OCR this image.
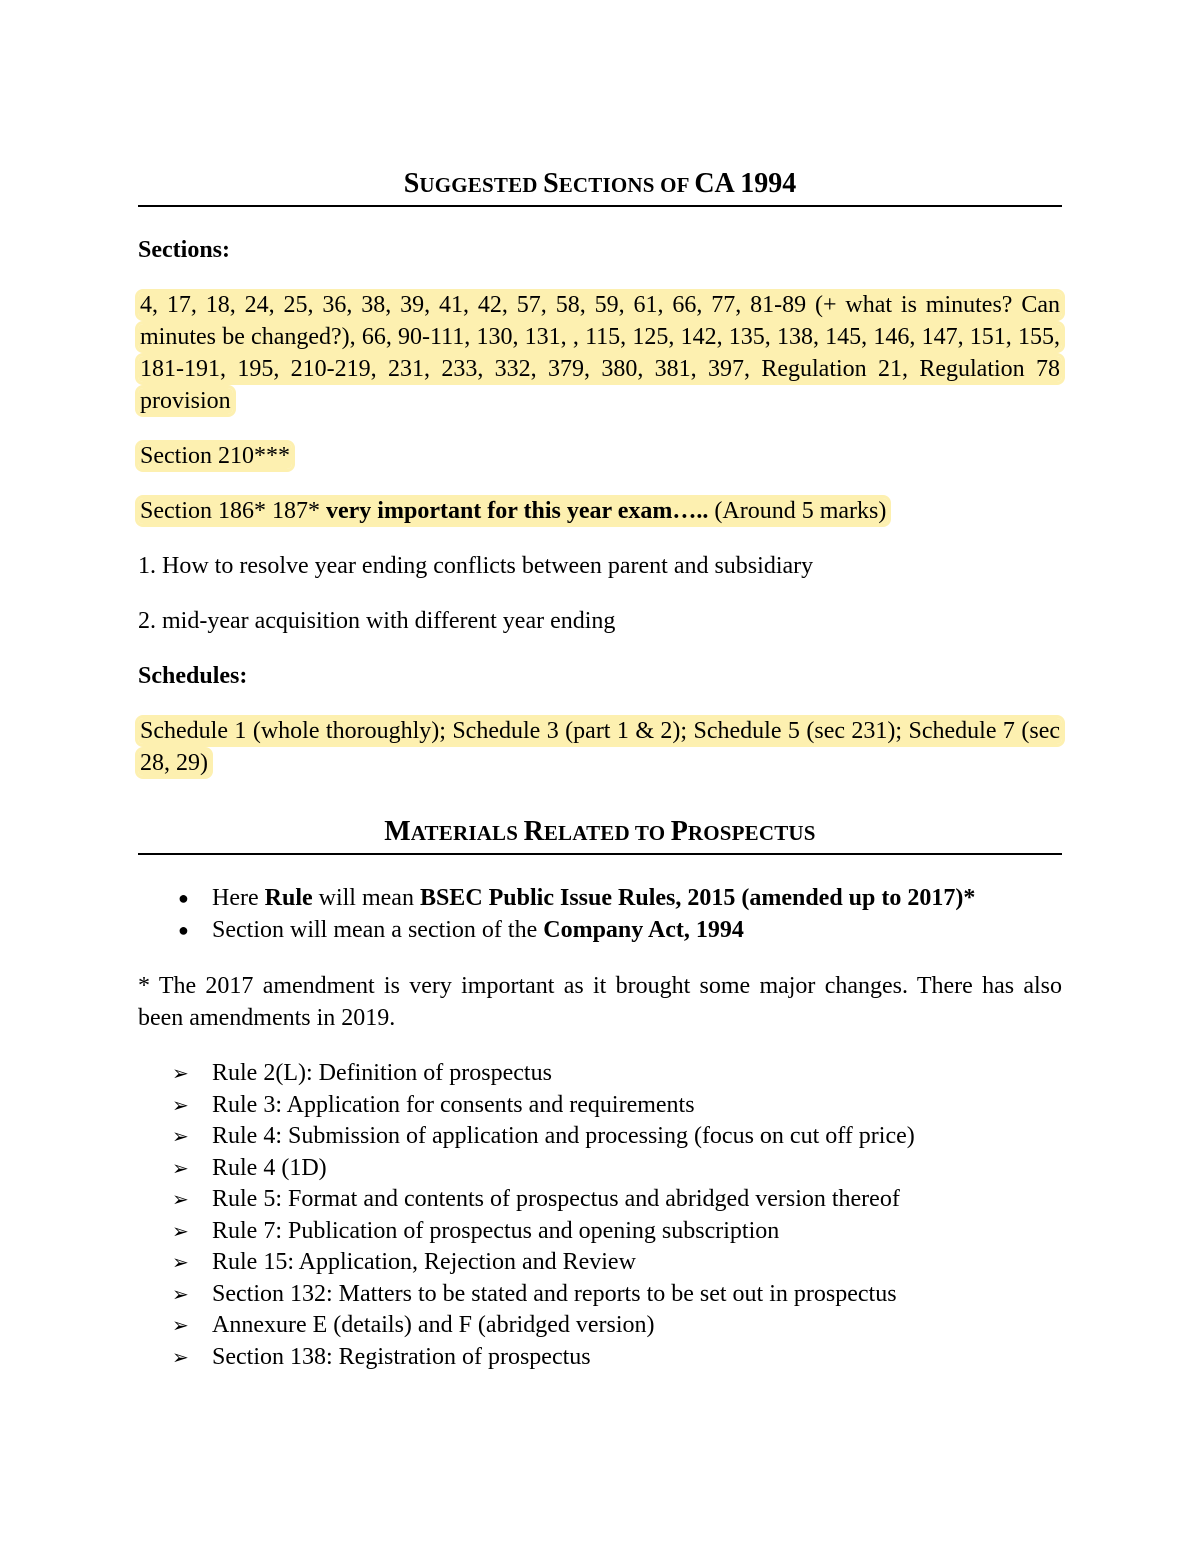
SUGGESTED SECTIONS OF CA 1994

Sections:

4, 17, 18, 24, 25, 36, 38, 39, 41, 42, 57, 58, 59, 61, 66, 77, 81-89 (+ what is minutes? Can minutes be changed?), 66, 90-111, 130, 131, , 115, 125, 142, 135, 138, 145, 146, 147, 151, 155, 181-191, 195, 210-219, 231, 233, 332, 379, 380, 381, 397, Regulation 21, Regulation 78 provision

Section 210***

Section 186* 187* very important for this year exam….. (Around 5 marks)

1. How to resolve year ending conflicts between parent and subsidiary

2. mid-year acquisition with different year ending

Schedules:

Schedule 1 (whole thoroughly); Schedule 3 (part 1 & 2); Schedule 5 (sec 231); Schedule 7 (sec 28, 29)

MATERIALS RELATED TO PROSPECTUS
● Here Rule will mean BSEC Public Issue Rules, 2015 (amended up to 2017)*
● Section will mean a section of the Company Act, 1994

* The 2017 amendment is very important as it brought some major changes. There has also been amendments in 2019.

➢ Rule 2(L): Definition of prospectus
➢ Rule 3: Application for consents and requirements
➢ Rule 4: Submission of application and processing (focus on cut off price)
➢ Rule 4 (1D)
➢ Rule 5: Format and contents of prospectus and abridged version thereof
➢ Rule 7: Publication of prospectus and opening subscription
➢ Rule 15: Application, Rejection and Review
➢ Section 132: Matters to be stated and reports to be set out in prospectus
➢ Annexure E (details) and F (abridged version)
➢ Section 138: Registration of prospectus
